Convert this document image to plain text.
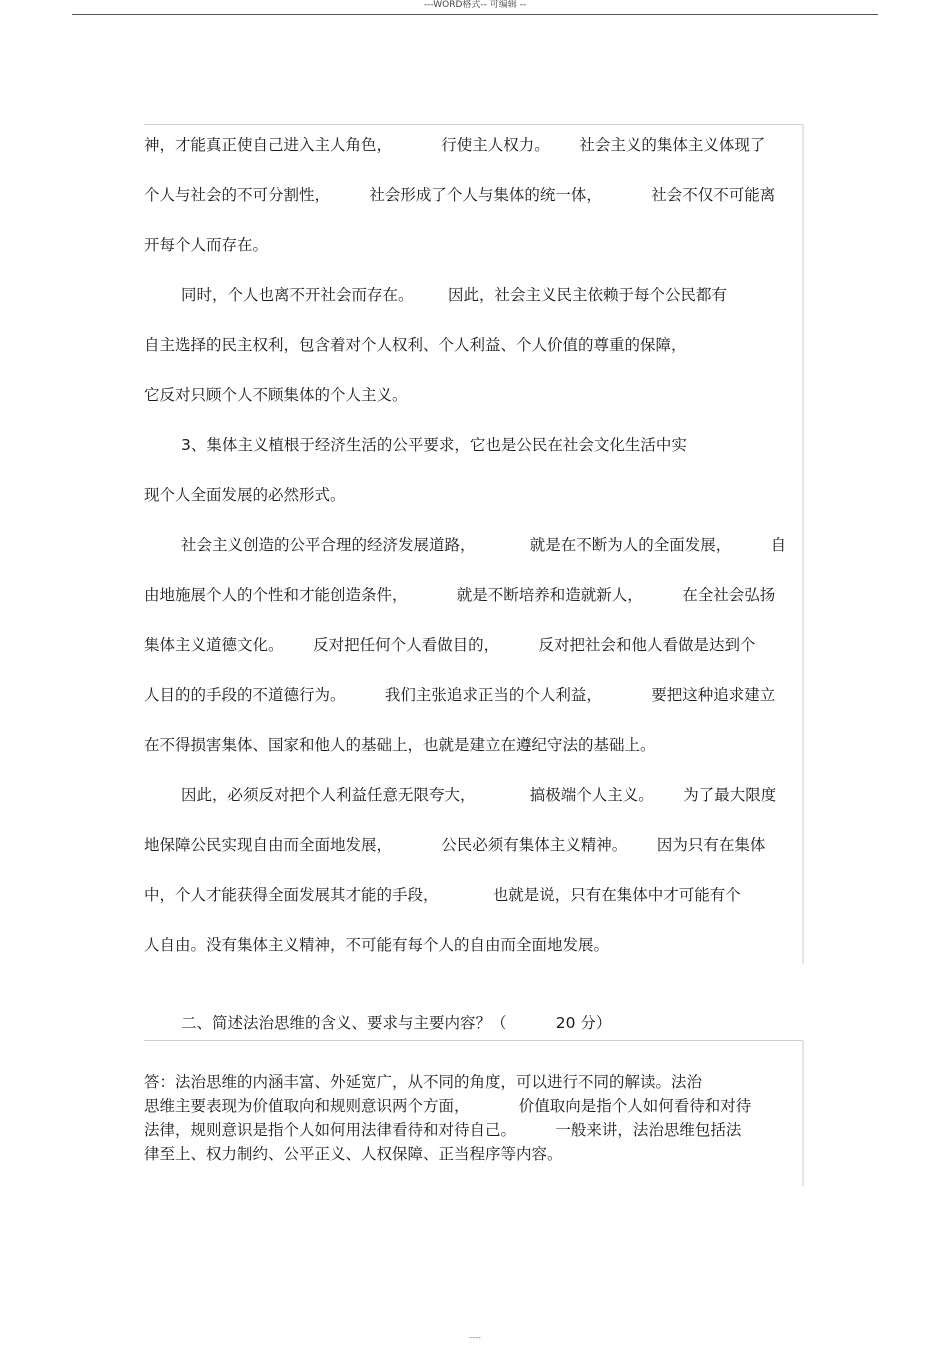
---WORD格式-- 可编辑 --
神，才能真正使自己进入主人角色，          行使主人权力。      社会主义的集体主义体现了
个人与社会的不可分割性，        社会形成了个人与集体的统一体，          社会不仅不可能离
开每个人而存在。
同时，个人也离不开社会而存在。       因此，社会主义民主依赖于每个公民都有
自主选择的民主权利，包含着对个人权利、个人利益、个人价值的尊重的保障，
它反对只顾个人不顾集体的个人主义。
3、集体主义植根于经济生活的公平要求，它也是公民在社会文化生活中实
现个人全面发展的必然形式。
社会主义创造的公平合理的经济发展道路，           就是在不断为人的全面发展，        自
由地施展个人的个性和才能创造条件，          就是不断培养和造就新人，        在全社会弘扬
集体主义道德文化。      反对把任何个人看做目的，        反对把社会和他人看做是达到个
人目的的手段的不道德行为。        我们主张追求正当的个人利益，          要把这种追求建立
在不得损害集体、国家和他人的基础上，也就是建立在遵纪守法的基础上。
因此，必须反对把个人利益任意无限夸大，           搞极端个人主义。      为了最大限度
地保障公民实现自由而全面地发展，          公民必须有集体主义精神。      因为只有在集体
中，个人才能获得全面发展其才能的手段，           也就是说，只有在集体中才可能有个
人自由。没有集体主义精神，不可能有每个人的自由而全面地发展。
二、简述法治思维的含义、要求与主要内容？（          20 分）
答：法治思维的内涵丰富、外延宽广，从不同的角度，可以进行不同的解读。法治
思维主要表现为价值取向和规则意识两个方面，          价值取向是指个人如何看待和对待
法律，规则意识是指个人如何用法律看待和对待自己。        一般来讲，法治思维包括法
律至上、权力制约、公平正义、人权保障、正当程序等内容。
----
